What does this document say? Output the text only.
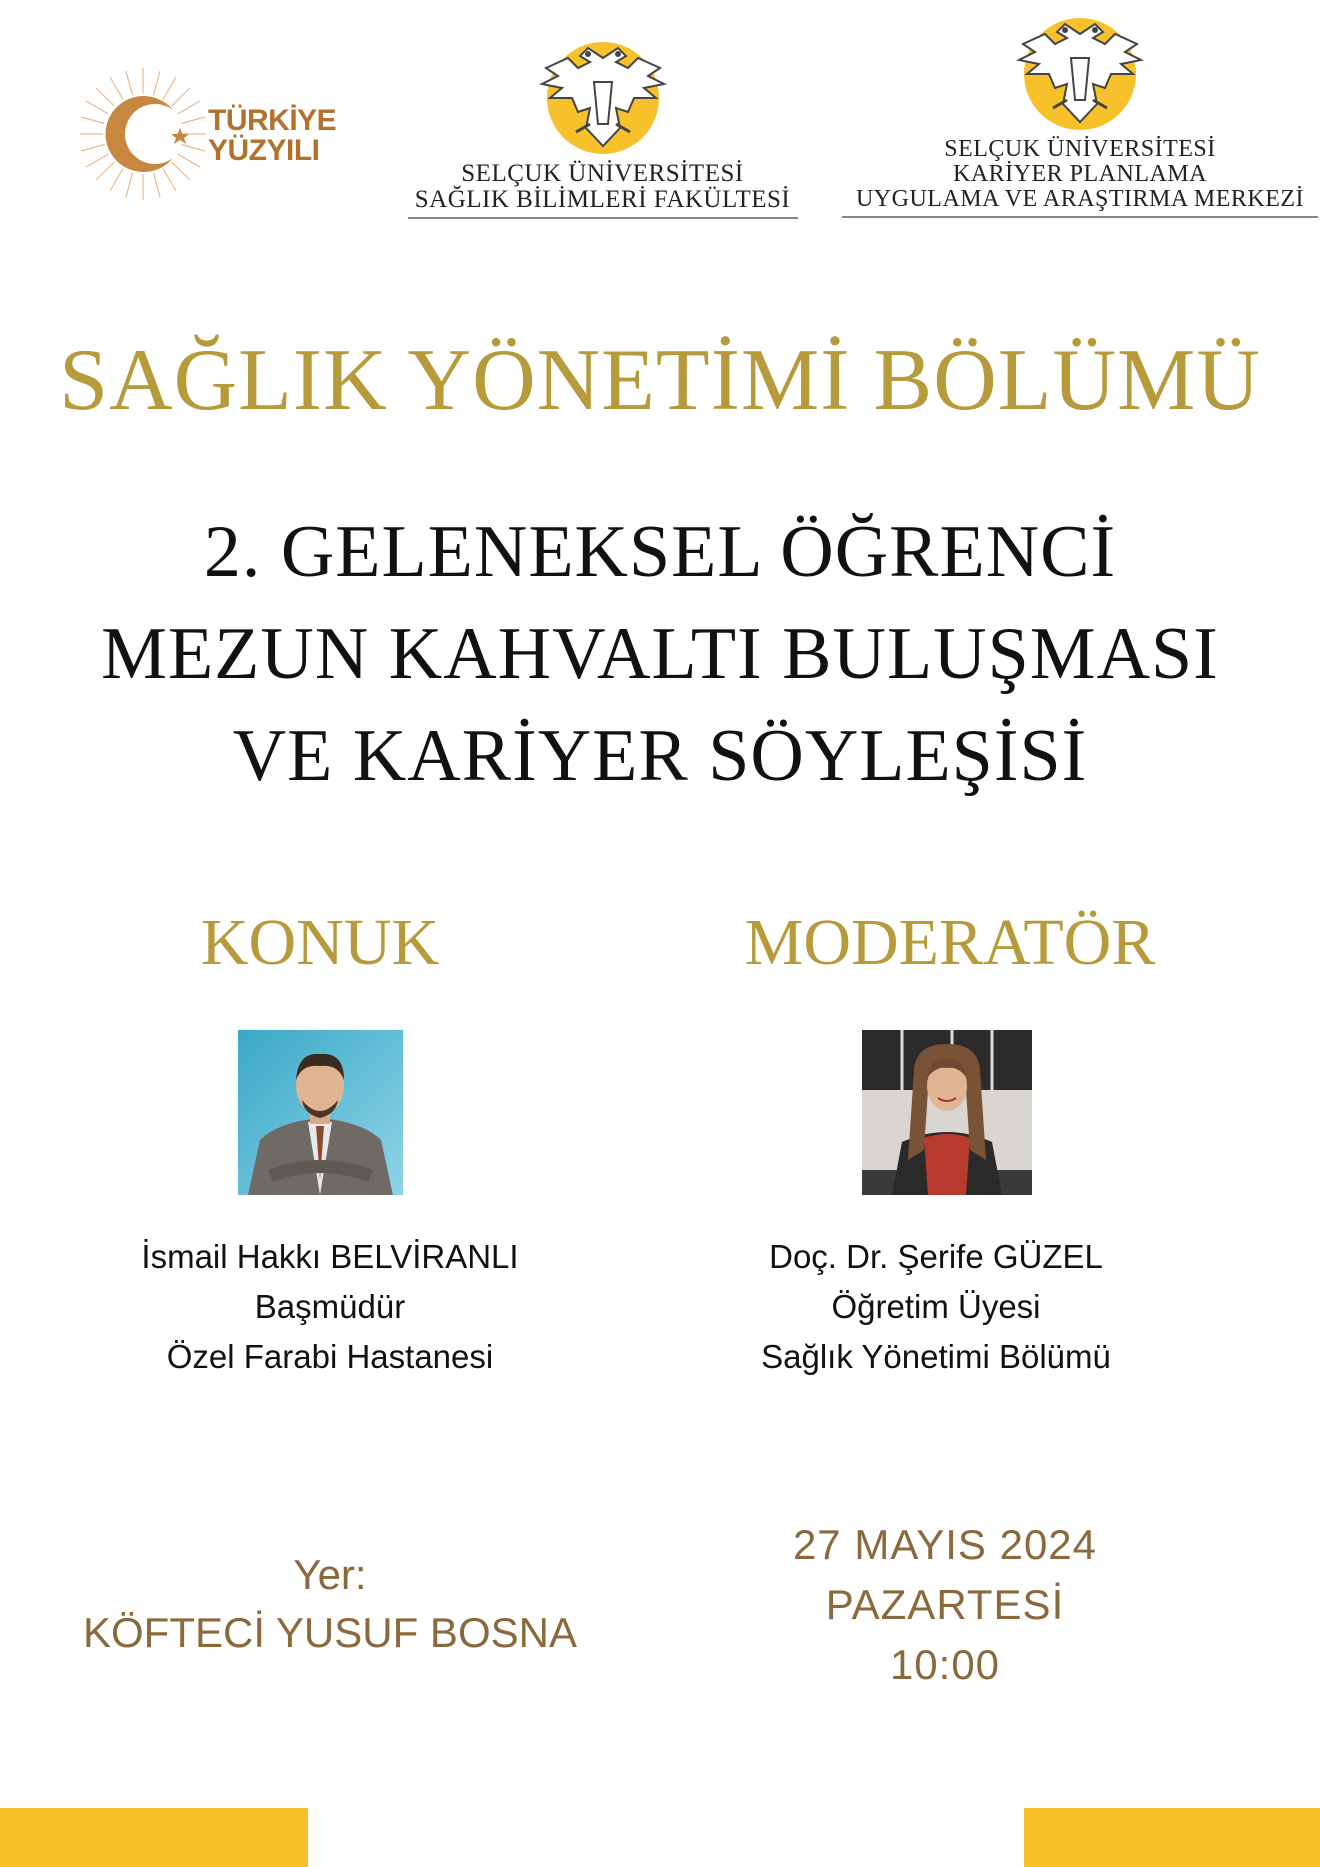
TÜRKİYE
YÜZYILI
SELÇUK ÜNİVERSİTESİ
SAĞLIK BİLİMLERİ FAKÜLTESİ
SELÇUK ÜNİVERSİTESİ
KARİYER PLANLAMA
UYGULAMA VE ARAŞTIRMA MERKEZİ
SAĞLIK YÖNETİMİ BÖLÜMÜ
2. GELENEKSEL ÖĞRENCİ
MEZUN KAHVALTI BULUŞMASI
VE KARİYER SÖYLEŞİSİ
KONUK	MODERATÖR
İsmail Hakkı BELVİRANLI
Başmüdür
Özel Farabi Hastanesi
Doç. Dr. Şerife GÜZEL
Öğretim Üyesi
Sağlık Yönetimi Bölümü
Yer:
KÖFTECİ YUSUF BOSNA
27 MAYIS 2024
PAZARTESİ
10:00
